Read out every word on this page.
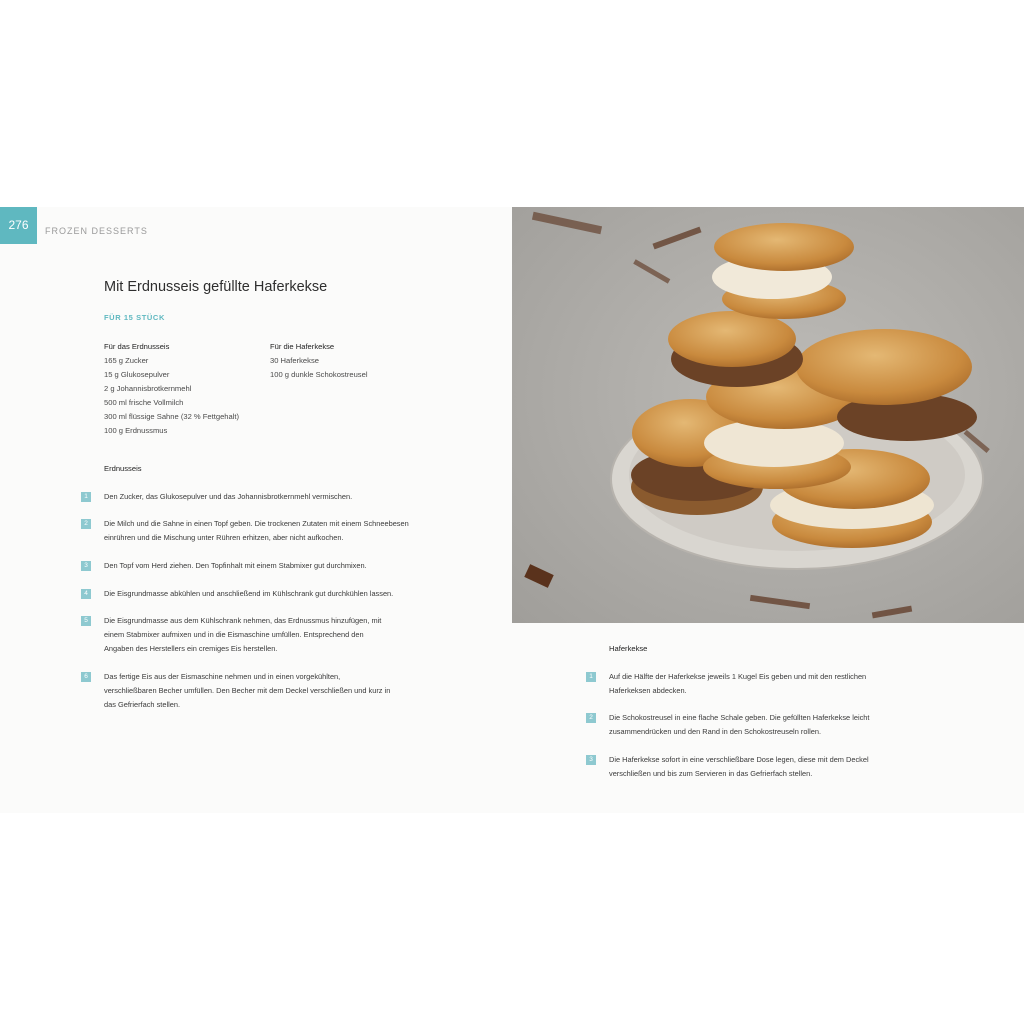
276	FROZEN DESSERTS
Mit Erdnusseis gefüllte Haferkekse
FÜR 15 STÜCK
Für das Erdnusseis
165 g Zucker
15 g Glukosepulver
2 g Johannisbrotkernmehl
500 ml frische Vollmilch
300 ml flüssige Sahne (32 % Fettgehalt)
100 g Erdnussmus
Für die Haferkekse
30 Haferkekse
100 g dunkle Schokostreusel
Erdnusseis
1	Den Zucker, das Glukosepulver und das Johannisbrotkernmehl vermischen.
2	Die Milch und die Sahne in einen Topf geben. Die trockenen Zutaten mit einem Schneebesen einrühren und die Mischung unter Rühren erhitzen, aber nicht aufkochen.
3	Den Topf vom Herd ziehen. Den Topfinhalt mit einem Stabmixer gut durchmixen.
4	Die Eisgrundmasse abkühlen und anschließend im Kühlschrank gut durchkühlen lassen.
5	Die Eisgrundmasse aus dem Kühlschrank nehmen, das Erdnussmus hinzufügen, mit einem Stabmixer aufmixen und in die Eismaschine umfüllen. Entsprechend den Angaben des Herstellers ein cremiges Eis herstellen.
6	Das fertige Eis aus der Eismaschine nehmen und in einen vorgekühlten, verschließbaren Becher umfüllen. Den Becher mit dem Deckel verschließen und kurz in das Gefrierfach stellen.
Haferkekse
1	Auf die Hälfte der Haferkekse jeweils 1 Kugel Eis geben und mit den restlichen Haferkeksen abdecken.
2	Die Schokostreusel in eine flache Schale geben. Die gefüllten Haferkekse leicht zusammendrücken und den Rand in den Schokostreuseln rollen.
3	Die Haferkekse sofort in eine verschließbare Dose legen, diese mit dem Deckel verschließen und bis zum Servieren in das Gefrierfach stellen.
